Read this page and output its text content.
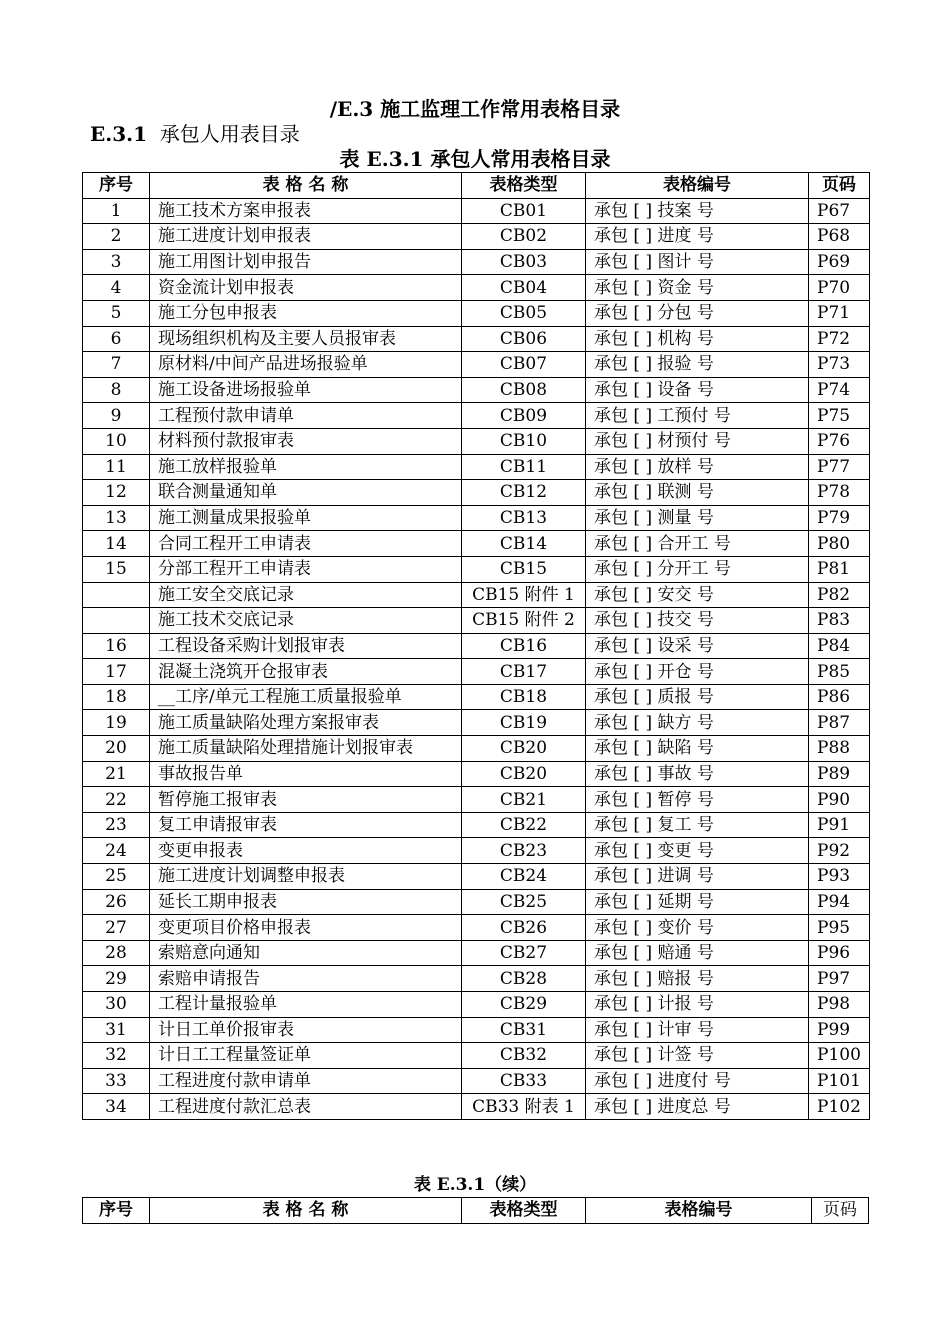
/E.3 施工监理工作常用表格目录
E.3.1 承包人用表目录
表 E.3.1 承包人常用表格目录
序号	表 格 名 称	表格类型	表格编号	页码
1	施工技术方案申报表	CB01	承包 [ ] 技案 号	P67
2	施工进度计划申报表	CB02	承包 [ ] 进度 号	P68
3	施工用图计划申报告	CB03	承包 [ ] 图计 号	P69
4	资金流计划申报表	CB04	承包 [ ] 资金 号	P70
5	施工分包申报表	CB05	承包 [ ] 分包 号	P71
6	现场组织机构及主要人员报审表	CB06	承包 [ ] 机构 号	P72
7	原材料/中间产品进场报验单	CB07	承包 [ ] 报验 号	P73
8	施工设备进场报验单	CB08	承包 [ ] 设备 号	P74
9	工程预付款申请单	CB09	承包 [ ] 工预付 号	P75
10	材料预付款报审表	CB10	承包 [ ] 材预付 号	P76
11	施工放样报验单	CB11	承包 [ ] 放样 号	P77
12	联合测量通知单	CB12	承包 [ ] 联测 号	P78
13	施工测量成果报验单	CB13	承包 [ ] 测量 号	P79
14	合同工程开工申请表	CB14	承包 [ ] 合开工 号	P80
15	分部工程开工申请表	CB15	承包 [ ] 分开工 号	P81
	施工安全交底记录	CB15 附件 1	承包 [ ] 安交 号	P82
	施工技术交底记录	CB15 附件 2	承包 [ ] 技交 号	P83
16	工程设备采购计划报审表	CB16	承包 [ ] 设采 号	P84
17	混凝土浇筑开仓报审表	CB17	承包 [ ] 开仓 号	P85
18	__工序/单元工程施工质量报验单	CB18	承包 [ ] 质报 号	P86
19	施工质量缺陷处理方案报审表	CB19	承包 [ ] 缺方 号	P87
20	施工质量缺陷处理措施计划报审表	CB20	承包 [ ] 缺陷 号	P88
21	事故报告单	CB20	承包 [ ] 事故 号	P89
22	暂停施工报审表	CB21	承包 [ ] 暂停 号	P90
23	复工申请报审表	CB22	承包 [ ] 复工 号	P91
24	变更申报表	CB23	承包 [ ] 变更 号	P92
25	施工进度计划调整申报表	CB24	承包 [ ] 进调 号	P93
26	延长工期申报表	CB25	承包 [ ] 延期 号	P94
27	变更项目价格申报表	CB26	承包 [ ] 变价 号	P95
28	索赔意向通知	CB27	承包 [ ] 赔通 号	P96
29	索赔申请报告	CB28	承包 [ ] 赔报 号	P97
30	工程计量报验单	CB29	承包 [ ] 计报 号	P98
31	计日工单价报审表	CB31	承包 [ ] 计审 号	P99
32	计日工工程量签证单	CB32	承包 [ ] 计签 号	P100
33	工程进度付款申请单	CB33	承包 [ ] 进度付 号	P101
34	工程进度付款汇总表	CB33 附表 1	承包 [ ] 进度总 号	P102
表 E.3.1（续）
序号	表 格 名 称	表格类型	表格编号	页码
